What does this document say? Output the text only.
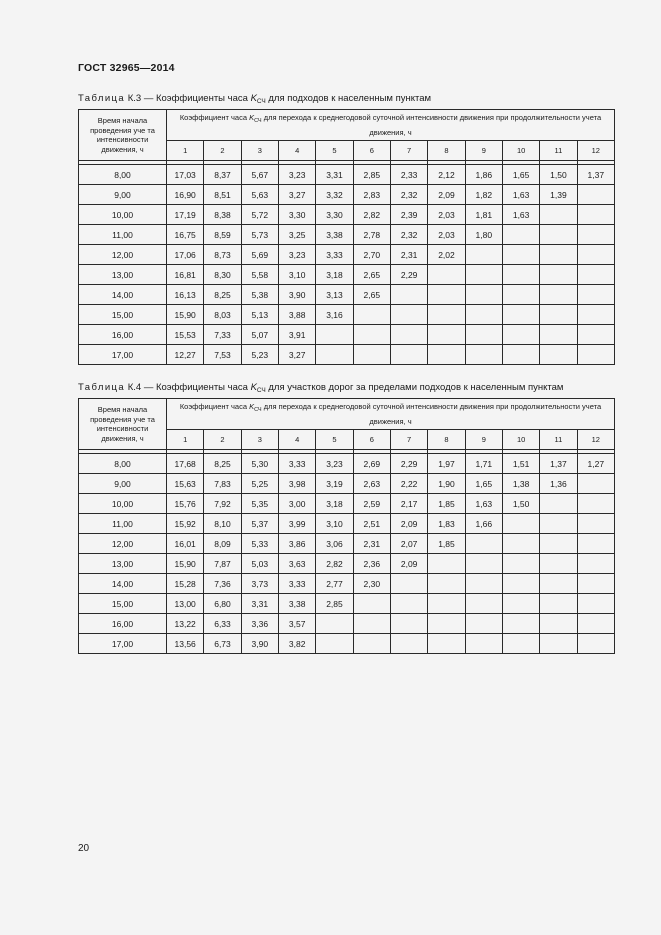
ГОСТ 32965—2014
Таблица К.3 — Коэффициенты часа $K_{СЧ}$ для подходов к населенным пунктам
Время начала проведения уче та интенсивности движения, ч	Коэффициент часа $K_{СЧ}$ для перехода к среднегодовой суточной интенсивности движения при продолжительности учета движения, ч											
	1	2	3	4	5	6	7	8	9	10	11	12

8,00	17,03	8,37	5,67	3,23	3,31	2,85	2,33	2,12	1,86	1,65	1,50	1,37
9,00	16,90	8,51	5,63	3,27	3,32	2,83	2,32	2,09	1,82	1,63	1,39	
10,00	17,19	8,38	5,72	3,30	3,30	2,82	2,39	2,03	1,81	1,63		
11,00	16,75	8,59	5,73	3,25	3,38	2,78	2,32	2,03	1,80			
12,00	17,06	8,73	5,69	3,23	3,33	2,70	2,31	2,02				
13,00	16,81	8,30	5,58	3,10	3,18	2,65	2,29					
14,00	16,13	8,25	5,38	3,90	3,13	2,65						
15,00	15,90	8,03	5,13	3,88	3,16							
16,00	15,53	7,33	5,07	3,91								
17,00	12,27	7,53	5,23	3,27								
Таблица К.4 — Коэффициенты часа $K_{СЧ}$ для участков дорог за пределами подходов к населенным пунктам
Время начала проведения уче та интенсивности движения, ч	Коэффициент часа $K_{СЧ}$ для перехода к среднегодовой суточной интенсивности движения при продолжительности учета движения, ч											
	1	2	3	4	5	6	7	8	9	10	11	12

8,00	17,68	8,25	5,30	3,33	3,23	2,69	2,29	1,97	1,71	1,51	1,37	1,27
9,00	15,63	7,83	5,25	3,98	3,19	2,63	2,22	1,90	1,65	1,38	1,36	
10,00	15,76	7,92	5,35	3,00	3,18	2,59	2,17	1,85	1,63	1,50		
11,00	15,92	8,10	5,37	3,99	3,10	2,51	2,09	1,83	1,66			
12,00	16,01	8,09	5,33	3,86	3,06	2,31	2,07	1,85				
13,00	15,90	7,87	5,03	3,63	2,82	2,36	2,09					
14,00	15,28	7,36	3,73	3,33	2,77	2,30						
15,00	13,00	6,80	3,31	3,38	2,85							
16,00	13,22	6,33	3,36	3,57								
17,00	13,56	6,73	3,90	3,82								
20
